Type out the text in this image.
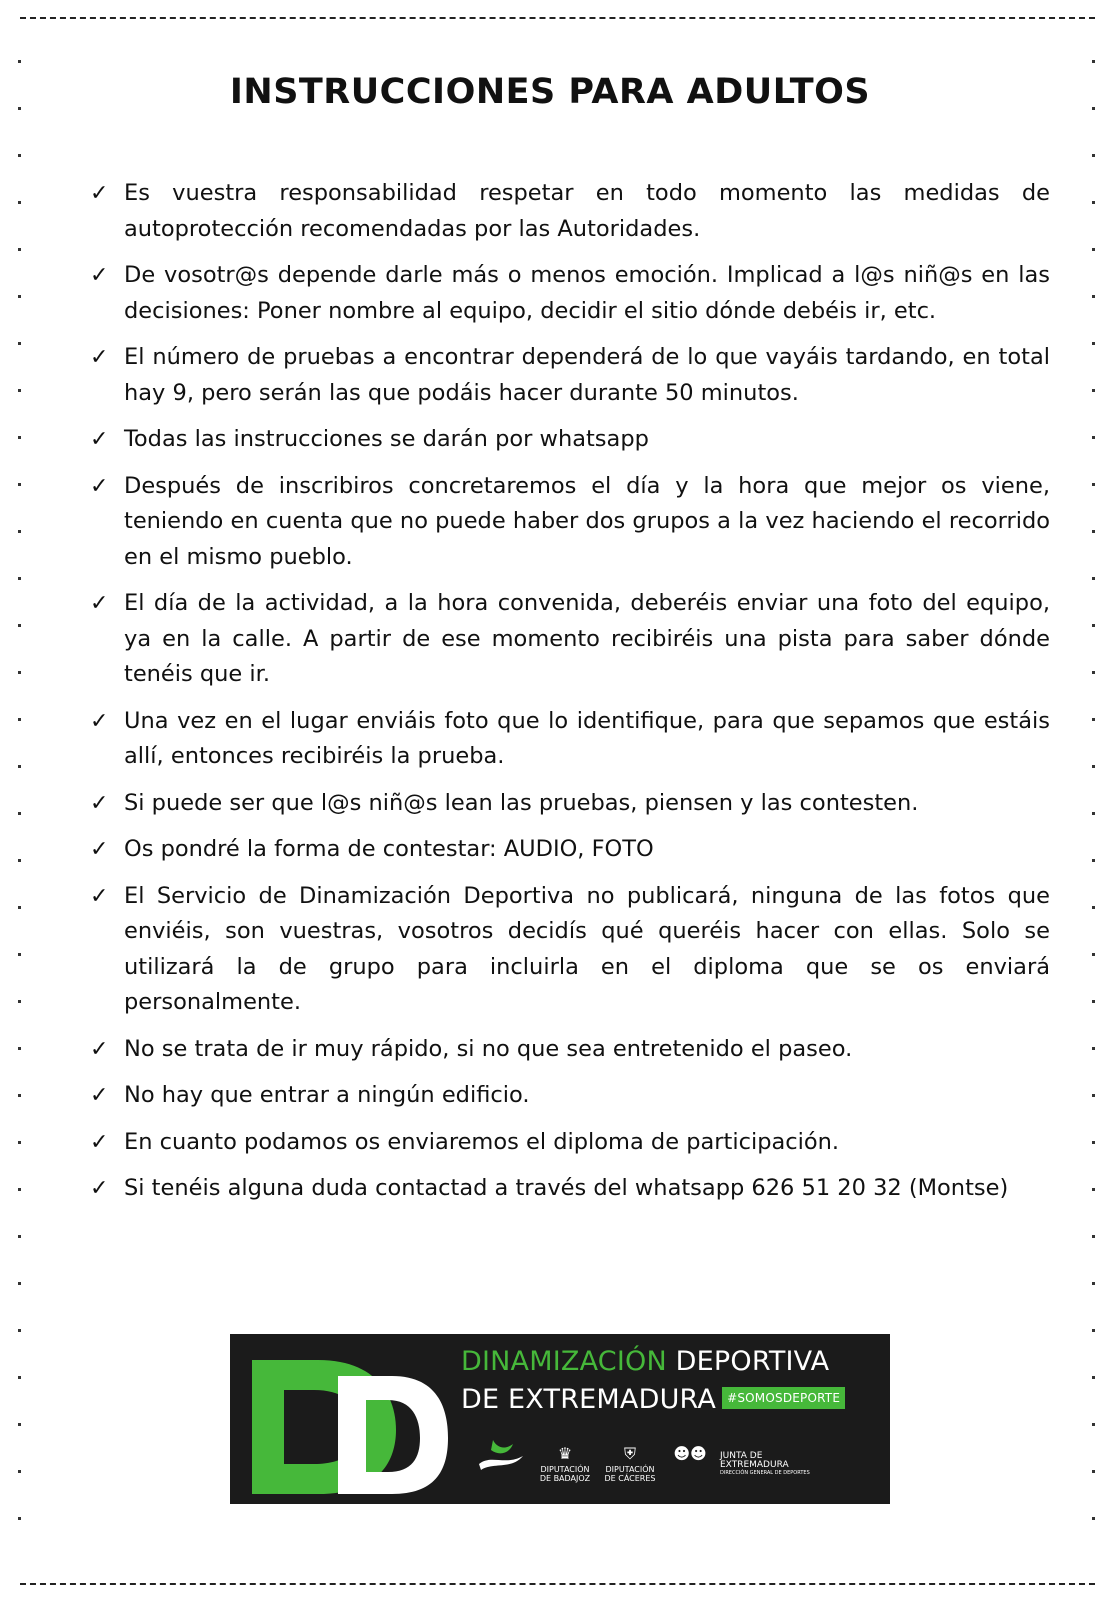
INSTRUCCIONES PARA ADULTOS
✓ Es vuestra responsabilidad respetar en todo momento las medidas de autoprotección recomendadas por las Autoridades.
✓ De vosotr@s depende darle más o menos emoción. Implicad a l@s niñ@s en las decisiones: Poner nombre al equipo, decidir el sitio dónde debéis ir, etc.
✓ El número de pruebas a encontrar dependerá de lo que vayáis tardando, en total hay 9, pero serán las que podáis hacer durante 50 minutos.
✓ Todas las instrucciones se darán por whatsapp
✓ Después de inscribiros concretaremos el día y la hora que mejor os viene, teniendo en cuenta que no puede haber dos grupos a la vez haciendo el recorrido en el mismo pueblo.
✓ El día de la actividad, a la hora convenida, deberéis enviar una foto del equipo, ya en la calle. A partir de ese momento recibiréis una pista para saber dónde tenéis que ir.
✓ Una vez en el lugar enviáis foto que lo identifique, para que sepamos que estáis allí, entonces recibiréis la prueba.
✓ Si puede ser que l@s niñ@s lean las pruebas, piensen y las contesten.
✓ Os pondré la forma de contestar: AUDIO, FOTO
✓ El Servicio de Dinamización Deportiva no publicará, ninguna de las fotos que enviéis, son vuestras, vosotros decidís qué queréis hacer con ellas. Solo se utilizará la de grupo para incluirla en el diploma que se os enviará personalmente.
✓ No se trata de ir muy rápido, si no que sea entretenido el paseo.
✓ No hay que entrar a ningún edificio.
✓ En cuanto podamos os enviaremos el diploma de participación.
✓ Si tenéis alguna duda contactad a través del whatsapp 626 51 20 32 (Montse)
DINAMIZACIÓN DEPORTIVA
DE EXTREMADURA #SOMOSDEPORTE
♛
DIPUTACIÓN DE BADAJOZ
⛨
DIPUTACIÓN DE CÁCERES
☻☻	JUNTA DE EXTREMADURA
DIRECCIÓN GENERAL DE DEPORTES
